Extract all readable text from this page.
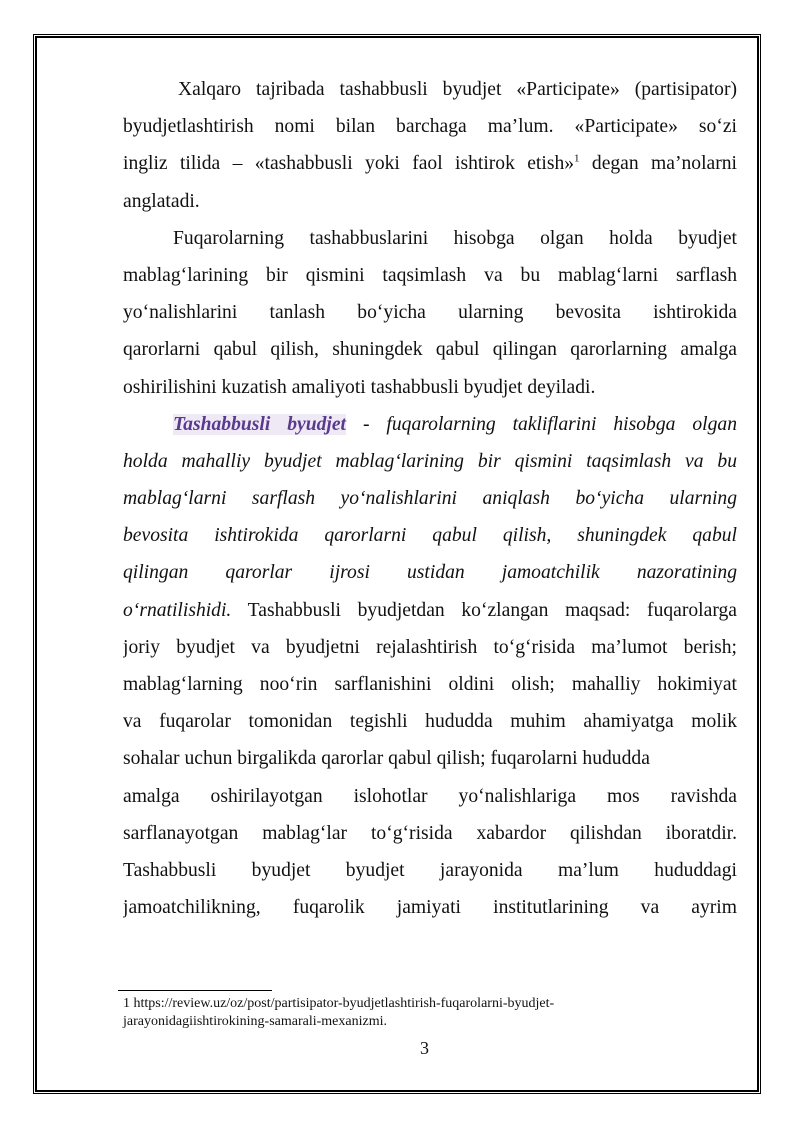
Xalqaro tajribada tashabbusli byudjet «Participate» (partisipator)
byudjetlashtirish nomi bilan barchaga ma’lum. «Participate» so‘zi
ingliz tilida – «tashabbusli yoki faol ishtirok etish»$^1$ degan ma’nolarni
anglatadi.
Fuqarolarning tashabbuslarini hisobga olgan holda byudjet
mablag‘larining bir qismini taqsimlash va bu mablag‘larni sarflash
yo‘nalishlarini tanlash bo‘yicha ularning bevosita ishtirokida
qarorlarni qabul qilish, shuningdek qabul qilingan qarorlarning amalga
oshirilishini kuzatish amaliyoti tashabbusli byudjet deyiladi.
Tashabbusli byudjet - fuqarolarning takliflarini hisobga olgan
holda mahalliy byudjet mablag‘larining bir qismini taqsimlash va bu
mablag‘larni sarflash yo‘nalishlarini aniqlash bo‘yicha ularning
bevosita ishtirokida qarorlarni qabul qilish, shuningdek qabul
qilingan qarorlar ijrosi ustidan jamoatchilik nazoratining
o‘rnatilishidi. Tashabbusli byudjetdan ko‘zlangan maqsad: fuqarolarga
joriy byudjet va byudjetni rejalashtirish to‘g‘risida ma’lumot berish;
mablag‘larning noo‘rin sarflanishini oldini olish; mahalliy hokimiyat
va fuqarolar tomonidan tegishli hududda muhim ahamiyatga molik
sohalar uchun birgalikda qarorlar qabul qilish; fuqarolarni hududda
amalga oshirilayotgan islohotlar yo‘nalishlariga mos ravishda
sarflanayotgan mablag‘lar to‘g‘risida xabardor qilishdan iboratdir.
Tashabbusli byudjet byudjet jarayonida ma’lum hududdagi
jamoatchilikning, fuqarolik jamiyati institutlarining va ayrim
1 https://review.uz/oz/post/partisipator-byudjetlashtirish-fuqarolarni-byudjet-
jarayonidagiishtirokining-samarali-mexanizmi.
3
